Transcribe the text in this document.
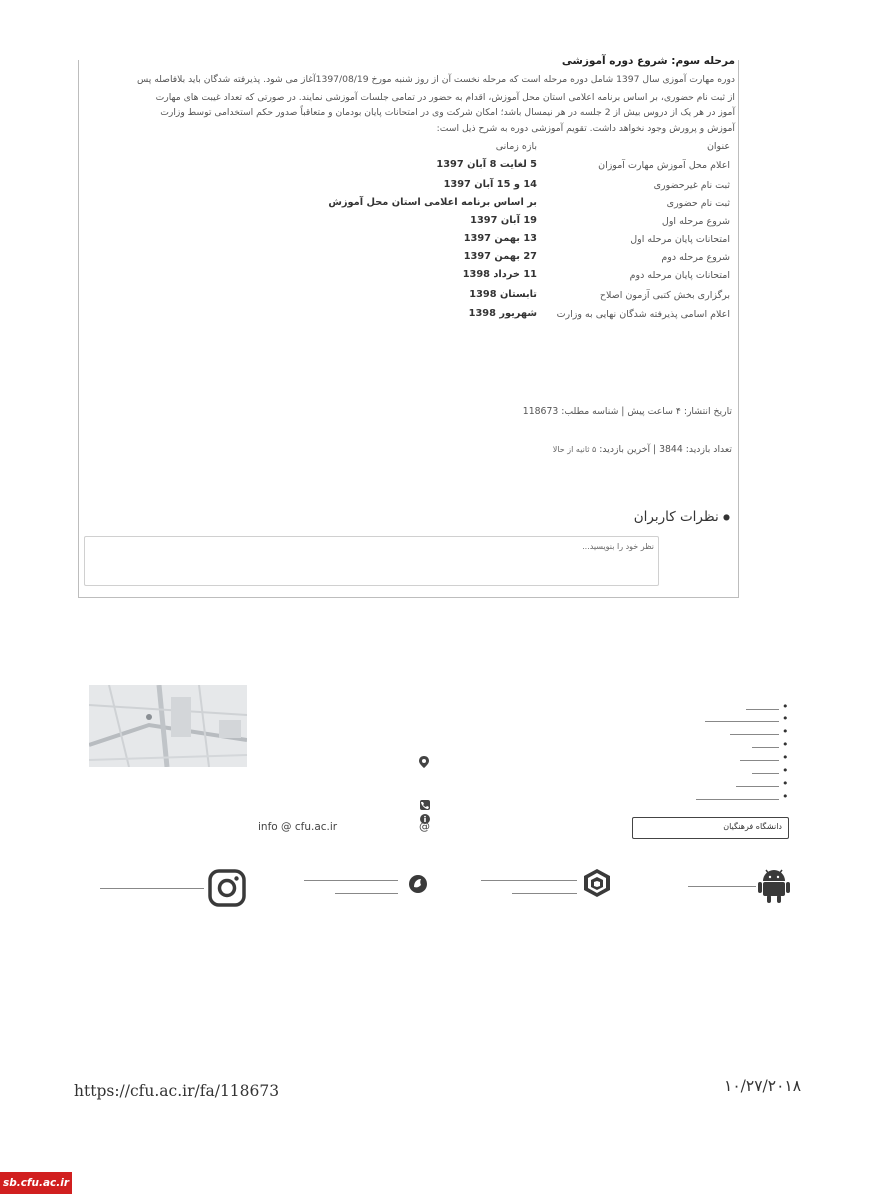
مرحله سوم: شروع دوره آموزشی
دوره مهارت آموزی سال 1397 شامل دوره مرحله است که مرحله نخست آن از روز شنبه مورخ 1397/08/19آغاز می شود. پذیرفته شدگان باید بلافاصله پس
از ثبت نام حضوری، بر اساس برنامه اعلامی استان محل آموزش، اقدام به حضور در تمامی جلسات آموزشی نمایند. در صورتی که تعداد غیبت های مهارت
آموز در هر یک از دروس بیش از 2 جلسه در هر نیمسال باشد؛ امکان شرکت وی در امتحانات پایان بودمان و متعاقباً صدور حکم استخدامی توسط وزارت
آموزش و پرورش وجود نخواهد داشت. تقویم آموزشی دوره به شرح ذیل است:
عنوان
بازه زمانی
اعلام محل آموزش مهارت آموزان
5 لغایت 8 آبان 1397
ثبت نام غیرحضوری
14 و 15 آبان 1397
ثبت نام حضوری
بر اساس برنامه اعلامی استان محل آموزش
شروع مرحله اول
19 آبان 1397
امتحانات پایان مرحله اول
13 بهمن 1397
شروع مرحله دوم
27 بهمن 1397
امتحانات پایان مرحله دوم
11 خرداد 1398
برگزاری بخش کتبی آزمون اصلاح
تابستان 1398
اعلام اسامی پذیرفته شدگان نهایی به وزارت
شهریور 1398
تاریخ انتشار: ۴ ساعت پیش | شناسه مطلب: 118673
تعداد بازدید: 3844 | آخرین بازدید: ۵ ثانیه از حالا
● نظرات کاربران
نظر خود را بنویسید...
@
info @ cfu.ac.ir
•
•
•
•
•
•
•
•
دانشگاه فرهنگیان
https://cfu.ac.ir/fa/118673	۱۰/۲۷/۲۰۱۸
sb.cfu.ac.ir
